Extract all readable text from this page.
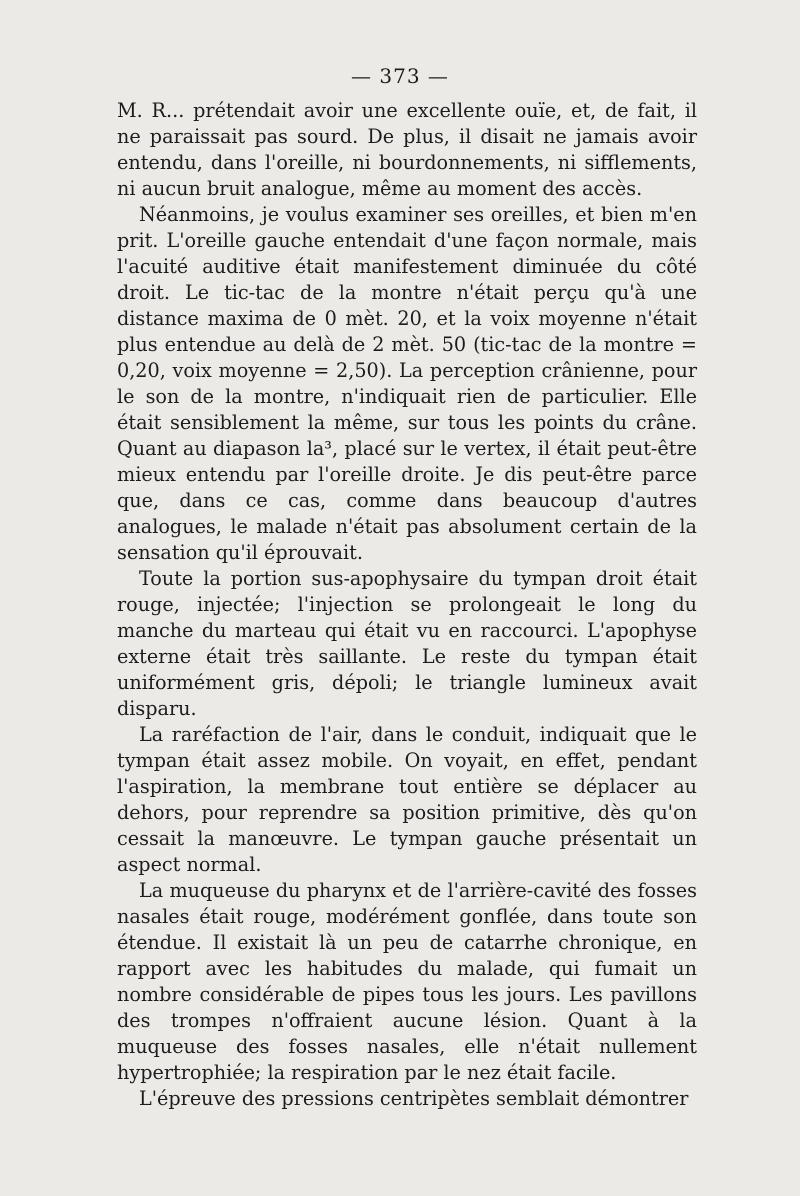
— 373 —

M. R... prétendait avoir une excellente ouïe, et, de fait, il ne paraissait pas sourd. De plus, il disait ne jamais avoir entendu, dans l'oreille, ni bourdonnements, ni sifflements, ni aucun bruit analogue, même au moment des accès.

Néanmoins, je voulus examiner ses oreilles, et bien m'en prit. L'oreille gauche entendait d'une façon normale, mais l'acuité auditive était manifestement diminuée du côté droit. Le tic-tac de la montre n'était perçu qu'à une distance maxima de 0 mèt. 20, et la voix moyenne n'était plus entendue au delà de 2 mèt. 50 (tic-tac de la montre = 0,20, voix moyenne = 2,50). La perception crânienne, pour le son de la montre, n'indiquait rien de particulier. Elle était sensiblement la même, sur tous les points du crâne. Quant au diapason la³, placé sur le vertex, il était peut-être mieux entendu par l'oreille droite. Je dis peut-être parce que, dans ce cas, comme dans beaucoup d'autres analogues, le malade n'était pas absolument certain de la sensation qu'il éprouvait.

Toute la portion sus-apophysaire du tympan droit était rouge, injectée; l'injection se prolongeait le long du manche du marteau qui était vu en raccourci. L'apophyse externe était très saillante. Le reste du tympan était uniformément gris, dépoli; le triangle lumineux avait disparu.

La raréfaction de l'air, dans le conduit, indiquait que le tympan était assez mobile. On voyait, en effet, pendant l'aspiration, la membrane tout entière se déplacer au dehors, pour reprendre sa position primitive, dès qu'on cessait la manœuvre. Le tympan gauche présentait un aspect normal.

La muqueuse du pharynx et de l'arrière-cavité des fosses nasales était rouge, modérément gonflée, dans toute son étendue. Il existait là un peu de catarrhe chronique, en rapport avec les habitudes du malade, qui fumait un nombre considérable de pipes tous les jours. Les pavillons des trompes n'offraient aucune lésion. Quant à la muqueuse des fosses nasales, elle n'était nullement hypertrophiée; la respiration par le nez était facile.

L'épreuve des pressions centripètes semblait démontrer
